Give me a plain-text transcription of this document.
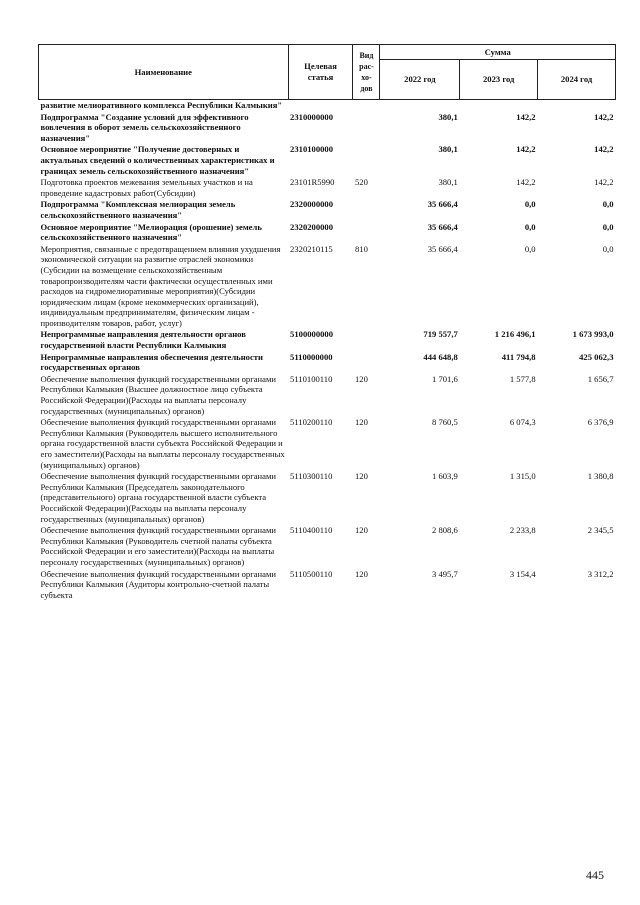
Наименование	Целевая статья	Вид рас-хо-дов	Сумма		
			2022 год	2023 год	2024 год
развитие мелиоративного комплекса Республики Калмыкия"					
Подпрограмма "Создание условий для эффективного вовлечения в оборот земель сельскохозяйственного назначения"	2310000000		380,1	142,2	142,2
Основное мероприятие "Получение достоверных и актуальных сведений о количественных характеристиках и границах земель сельскохозяйственного назначения"	2310100000		380,1	142,2	142,2
Подготовка проектов межевания земельных участков и на проведение кадастровых работ(Субсидии)	23101R5990	520	380,1	142,2	142,2
Подпрограмма "Комплексная мелиорация земель сельскохозяйственного назначения"	2320000000		35 666,4	0,0	0,0
Основное мероприятие "Мелиорация (орошение) земель сельскохозяйственного назначения"	2320200000		35 666,4	0,0	0,0
Мероприятия, связанные с предотвращением влияния ухудшения экономической ситуации на развитие отраслей экономики (Субсидии на возмещение сельскохозяйственным товаропроизводителям части фактически осуществленных ими расходов на гидромелиоративные мероприятия)(Субсидии юридическим лицам (кроме некоммерческих организаций), индивидуальным предпринимателям, физическим лицам - производителям товаров, работ, услуг)	2320210115	810	35 666,4	0,0	0,0
Непрограммные направления деятельности органов государственной власти Республики Калмыкия	5100000000		719 557,7	1 216 496,1	1 673 993,0
Непрограммные направления обеспечения деятельности государственных органов	5110000000		444 648,8	411 794,8	425 062,3
Обеспечение выполнения функций государственными органами Республики Калмыкия (Высшее должностное лицо субъекта Российской Федерации)(Расходы на выплаты персоналу государственных (муниципальных) органов)	5110100110	120	1 701,6	1 577,8	1 656,7
Обеспечение выполнения функций государственными органами Республики Калмыкия (Руководитель высшего исполнительного органа государственной власти субъекта Российской Федерации и его заместители)(Расходы на выплаты персоналу государственных (муниципальных) органов)	5110200110	120	8 760,5	6 074,3	6 376,9
Обеспечение выполнения функций государственными органами Республики Калмыкия (Председатель законодательного (представительного) органа государственной власти субъекта Российской Федерации)(Расходы на выплаты персоналу государственных (муниципальных) органов)	5110300110	120	1 603,9	1 315,0	1 380,8
Обеспечение выполнения функций государственными органами Республики Калмыкия (Руководитель счетной палаты субъекта Российской Федерации и его заместители)(Расходы на выплаты персоналу государственных (муниципальных) органов)	5110400110	120	2 808,6	2 233,8	2 345,5
Обеспечение выполнения функций государственными органами Республики Калмыкия (Аудиторы контрольно-счетной палаты субъекта	5110500110	120	3 495,7	3 154,4	3 312,2
445
